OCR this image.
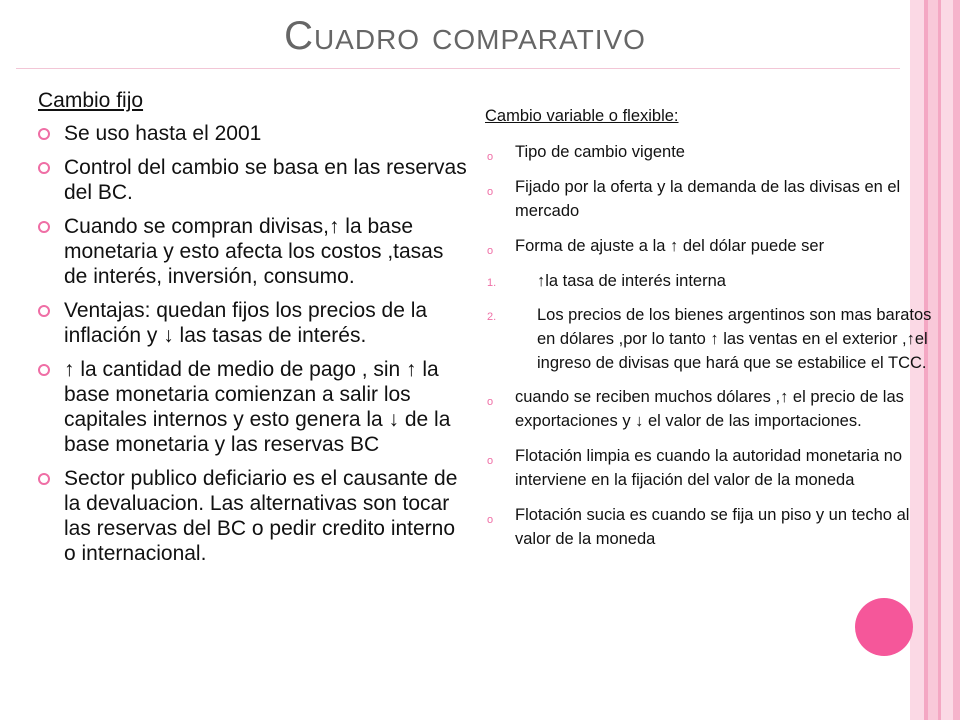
Cuadro comparativo
Cambio fijo
Se uso hasta el 2001
Control del cambio se basa en las reservas del BC.
Cuando se compran divisas,↑ la base monetaria y esto afecta los costos ,tasas de interés, inversión, consumo.
Ventajas: quedan fijos los precios de la inflación y ↓ las tasas de interés.
↑ la cantidad de medio de pago , sin ↑ la base monetaria comienzan a salir los capitales internos y esto genera la ↓ de la base monetaria y las reservas BC
Sector publico deficiario es el causante de la devaluacion. Las alternativas son tocar las reservas del BC o pedir credito interno o internacional.
Cambio variable o flexible:
o Tipo de cambio vigente
o Fijado por la oferta y la demanda de las divisas en el mercado
o Forma de ajuste a la ↑ del dólar puede ser
1. ↑la tasa de interés interna
2. Los precios de los bienes argentinos son mas baratos en dólares ,por lo tanto ↑ las ventas en el exterior ,↑el ingreso de divisas que hará que se estabilice el TCC.
o cuando se reciben muchos dólares ,↑ el precio de las exportaciones y ↓ el valor de las importaciones.
o Flotación limpia es cuando la autoridad monetaria no interviene en la fijación del valor de la moneda
o Flotación sucia es cuando se fija un piso y un techo al valor de la moneda
